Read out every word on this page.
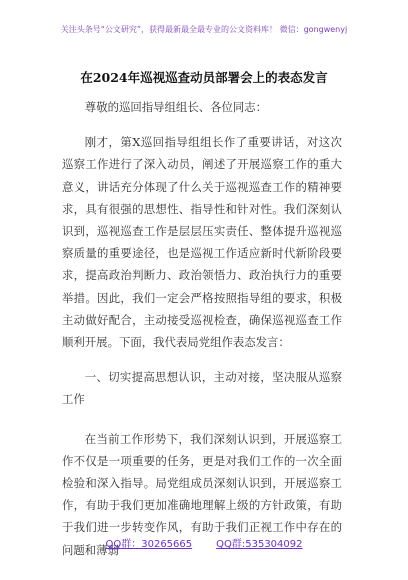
关注头条号“公文研究”，获得最新最全最专业的公文资料库！ 微信：gongwenyj
在2024年巡视巡查动员部署会上的表态发言

尊敬的巡回指导组组长、各位同志：

刚才，第X巡回指导组组长作了重要讲话，对这次巡察工作进行了深入动员，阐述了开展巡察工作的重大意义，讲话充分体现了什么关于巡视巡查工作的精神要求，具有很强的思想性、指导性和针对性。我们深刻认识到，巡视巡查工作是层层压实责任、整体提升巡视巡察质量的重要途径，也是巡视工作适应新时代新阶段要求，提高政治判断力、政治领悟力、政治执行力的重要举措。因此，我们一定会严格按照指导组的要求，积极主动做好配合，主动接受巡视检查，确保巡视巡查工作顺利开展。下面，我代表局党组作表态发言：

一、切实提高思想认识，主动对接，坚决服从巡察工作

在当前工作形势下，我们深刻认识到，开展巡察工作不仅是一项重要的任务，更是对我们工作的一次全面检验和深入指导。局党组成员深刻认识到，开展巡察工作，有助于我们更加准确地理解上级的方针政策，有助于我们进一步转变作风，有助于我们正视工作中存在的问题和薄弱

QQ群：30265665 QQ群:535304092
